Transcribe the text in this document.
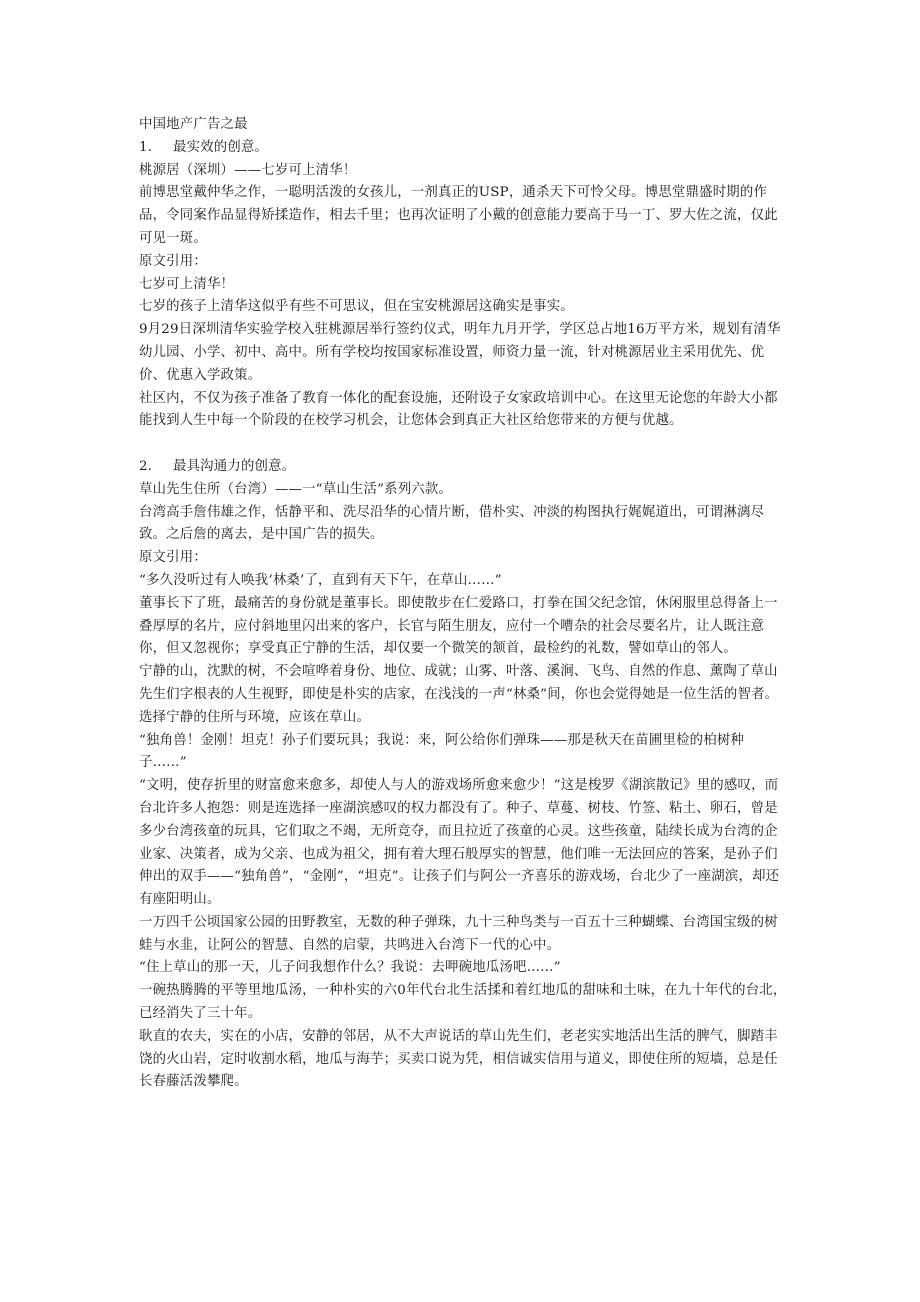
中国地产广告之最

1. 最实效的创意。

桃源居（深圳）——七岁可上清华！

前博思堂戴仲华之作，一聪明活泼的女孩儿，一剂真正的USP，通杀天下可怜父母。博思堂鼎盛时期的作品，令同案作品显得矫揉造作，相去千里；也再次证明了小戴的创意能力要高于马一丁、罗大佐之流，仅此可见一斑。

原文引用：

七岁可上清华！

七岁的孩子上清华这似乎有些不可思议，但在宝安桃源居这确实是事实。

9月29日深圳清华实验学校入驻桃源居举行签约仪式，明年九月开学，学区总占地16万平方米，规划有清华幼儿园、小学、初中、高中。所有学校均按国家标准设置，师资力量一流，针对桃源居业主采用优先、优价、优惠入学政策。

社区内，不仅为孩子准备了教育一体化的配套设施，还附设子女家政培训中心。在这里无论您的年龄大小都能找到人生中每一个阶段的在校学习机会，让您体会到真正大社区给您带来的方便与优越。

2. 最具沟通力的创意。

草山先生住所（台湾）——一“草山生活”系列六款。

台湾高手詹伟雄之作，恬静平和、洗尽沿华的心情片断，借朴实、冲淡的构图执行娓娓道出，可谓淋漓尽致。之后詹的离去，是中国广告的损失。

原文引用：

“多久没听过有人唤我‘林桑’了，直到有天下午，在草山……”

董事长下了班，最痛苦的身份就是董事长。即使散步在仁爱路口，打拳在国父纪念馆，休闲服里总得备上一叠厚厚的名片，应付斜地里闪出来的客户，长官与陌生朋友，应付一个嘈杂的社会尽要名片，让人既注意你，但又忽视你；享受真正宁静的生活，却仅要一个微笑的颔首，最检约的礼数，譬如草山的邻人。

宁静的山，沈默的树，不会喧哗着身份、地位、成就；山雾、叶落、溪涧、飞鸟、自然的作息、薰陶了草山先生们字根表的人生视野，即使是朴实的店家，在浅浅的一声“林桑”间，你也会觉得她是一位生活的智者。

选择宁静的住所与环境，应该在草山。

“独角兽！金刚！坦克！孙子们要玩具；我说：来，阿公给你们弹珠——那是秋天在苗圃里检的柏树种子……”

“文明，使存折里的财富愈来愈多，却使人与人的游戏场所愈来愈少！”这是梭罗《湖滨散记》里的感叹，而台北许多人抱怨：则是连选择一座湖滨感叹的权力都没有了。种子、草蔓、树枝、竹签、粘土、卵石，曾是多少台湾孩童的玩具，它们取之不竭，无所竞夺，而且拉近了孩童的心灵。这些孩童，陆续长成为台湾的企业家、决策者，成为父亲、也成为祖父，拥有着大理石般厚实的智慧，他们唯一无法回应的答案，是孙子们伸出的双手——“独角兽”，“金刚”，“坦克”。让孩子们与阿公一齐喜乐的游戏场，台北少了一座湖滨，却还有座阳明山。

一万四千公顷国家公园的田野教室，无数的种子弹珠，九十三种鸟类与一百五十三种蝴蝶、台湾国宝级的树蛙与水韭，让阿公的智慧、自然的启蒙，共鸣进入台湾下一代的心中。

“住上草山的那一天，儿子问我想作什么？我说：去呷碗地瓜汤吧……”

一碗热腾腾的平等里地瓜汤，一种朴实的六0年代台北生活揉和着红地瓜的甜味和土味，在九十年代的台北，已经消失了三十年。

耿直的农夫，实在的小店，安静的邻居，从不大声说话的草山先生们，老老实实地活出生活的脾气，脚踏丰饶的火山岩，定时收割水稻，地瓜与海芋；买卖口说为凭，相信诚实信用与道义，即使住所的短墙，总是任长春藤活泼攀爬。
